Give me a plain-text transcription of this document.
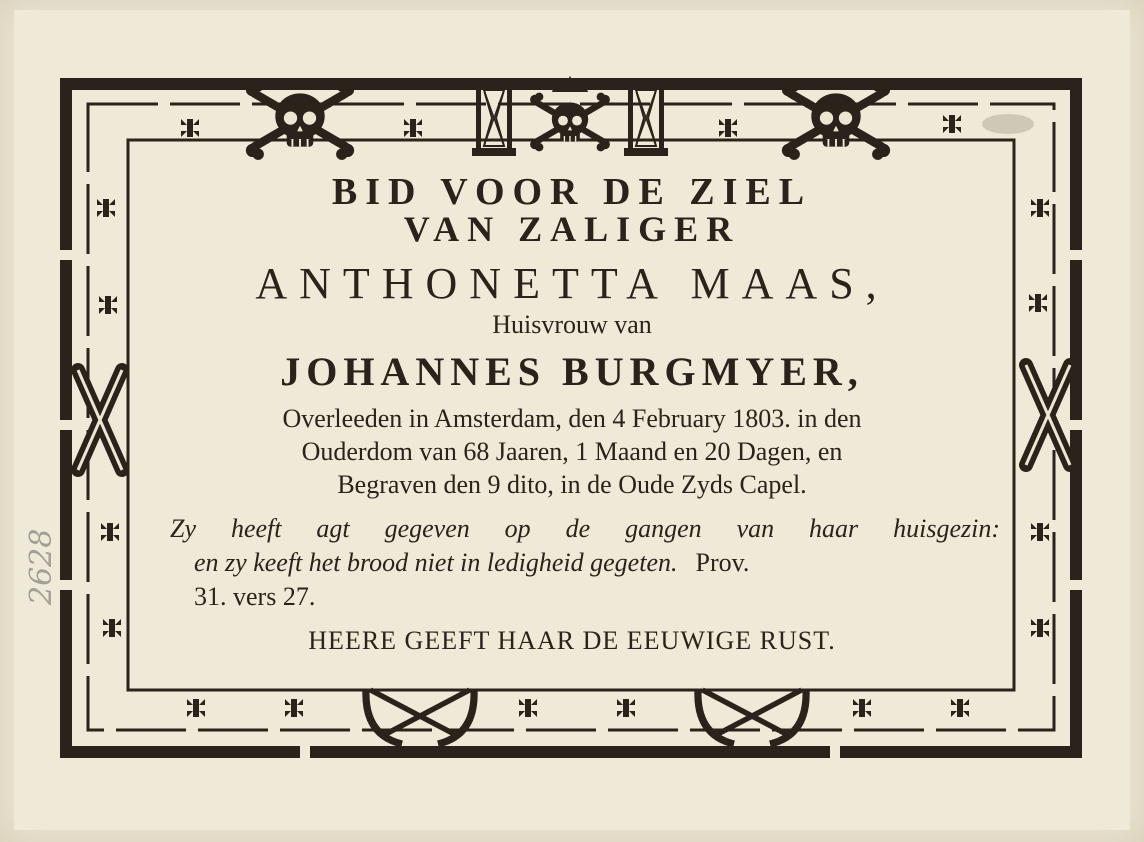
BID VOOR DE ZIEL
VAN ZALIGER
ANTHONETTA MAAS,
Huisvrouw van
JOHANNES BURGMYER,
Overleeden in Amsterdam, den 4 February 1803. in den
Ouderdom van 68 Jaaren, 1 Maand en 20 Dagen, en
Begraven den 9 dito, in de Oude Zyds Capel.
Zy heeft agt gegeven op de gangen van haar huisgezin:
en zy keeft het brood niet in ledigheid gegeten. Prov.
31. vers 27.
HEERE GEEFT HAAR DE EEUWIGE RUST.
2628
